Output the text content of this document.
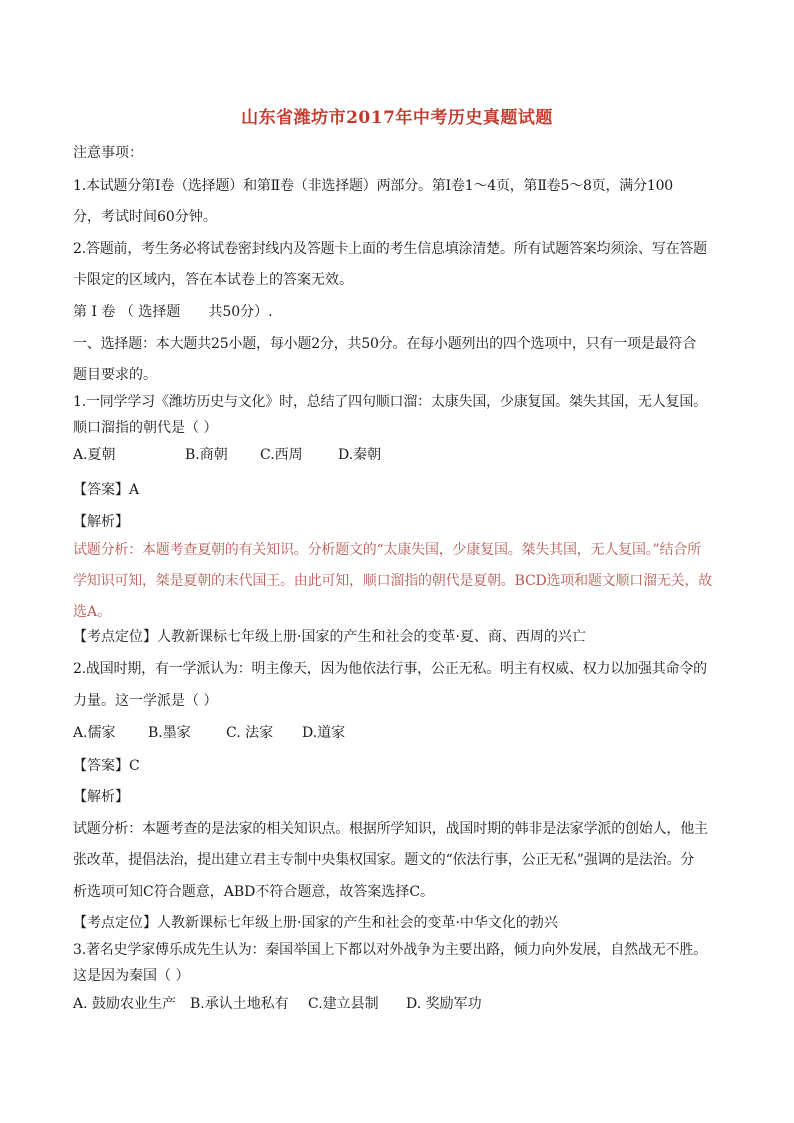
山东省潍坊市2017年中考历史真题试题
注意事项：
1.本试题分第Ⅰ卷（选择题）和第Ⅱ卷（非选择题）两部分。第Ⅰ卷1～4页，第Ⅱ卷5～8页，满分100
分，考试时间60分钟。
2.答题前，考生务必将试卷密封线内及答题卡上面的考生信息填涂清楚。所有试题答案均须涂、写在答题
卡限定的区域内，答在本试卷上的答案无效。
第 Ⅰ 卷 （ 选择题　　共50分）.
一、选择题：本大题共25小题，每小题2分，共50分。在每小题列出的四个选项中，只有一项是最符合
题目要求的。
1.一同学学习《潍坊历史与文化》时，总结了四句顺口溜：太康失国，少康复国。桀失其国，无人复国。
顺口溜指的朝代是（ ）
A.夏朝	B.商朝 C.西周	D.秦朝
【答案】A
【解析】
试题分析：本题考查夏朝的有关知识。分析题文的“太康失国，少康复国。桀失其国，无人复国。”结合所
学知识可知，桀是夏朝的末代国王。由此可知，顺口溜指的朝代是夏朝。BCD选项和题文顺口溜无关，故
选A。
【考点定位】人教新课标七年级上册·国家的产生和社会的变革·夏、商、西周的兴亡
2.战国时期，有一学派认为：明主像天，因为他依法行事，公正无私。明主有权威、权力以加强其命令的
力量。这一学派是（ ）
A.儒家 B.墨家	C. 法家 D.道家
【答案】C
【解析】
试题分析：本题考查的是法家的相关知识点。根据所学知识，战国时期的韩非是法家学派的创始人，他主
张改革，提倡法治，提出建立君主专制中央集权国家。题文的“依法行事，公正无私”强调的是法治。分
析选项可知C符合题意，ABD不符合题意，故答案选择C。
【考点定位】人教新课标七年级上册·国家的产生和社会的变革·中华文化的勃兴
3.著名史学家傅乐成先生认为：秦国举国上下都以对外战争为主要出路，倾力向外发展，自然战无不胜。
这是因为秦国（ ）
A. 鼓励农业生产 B.承认土地私有 C.建立县制 D. 奖励军功
